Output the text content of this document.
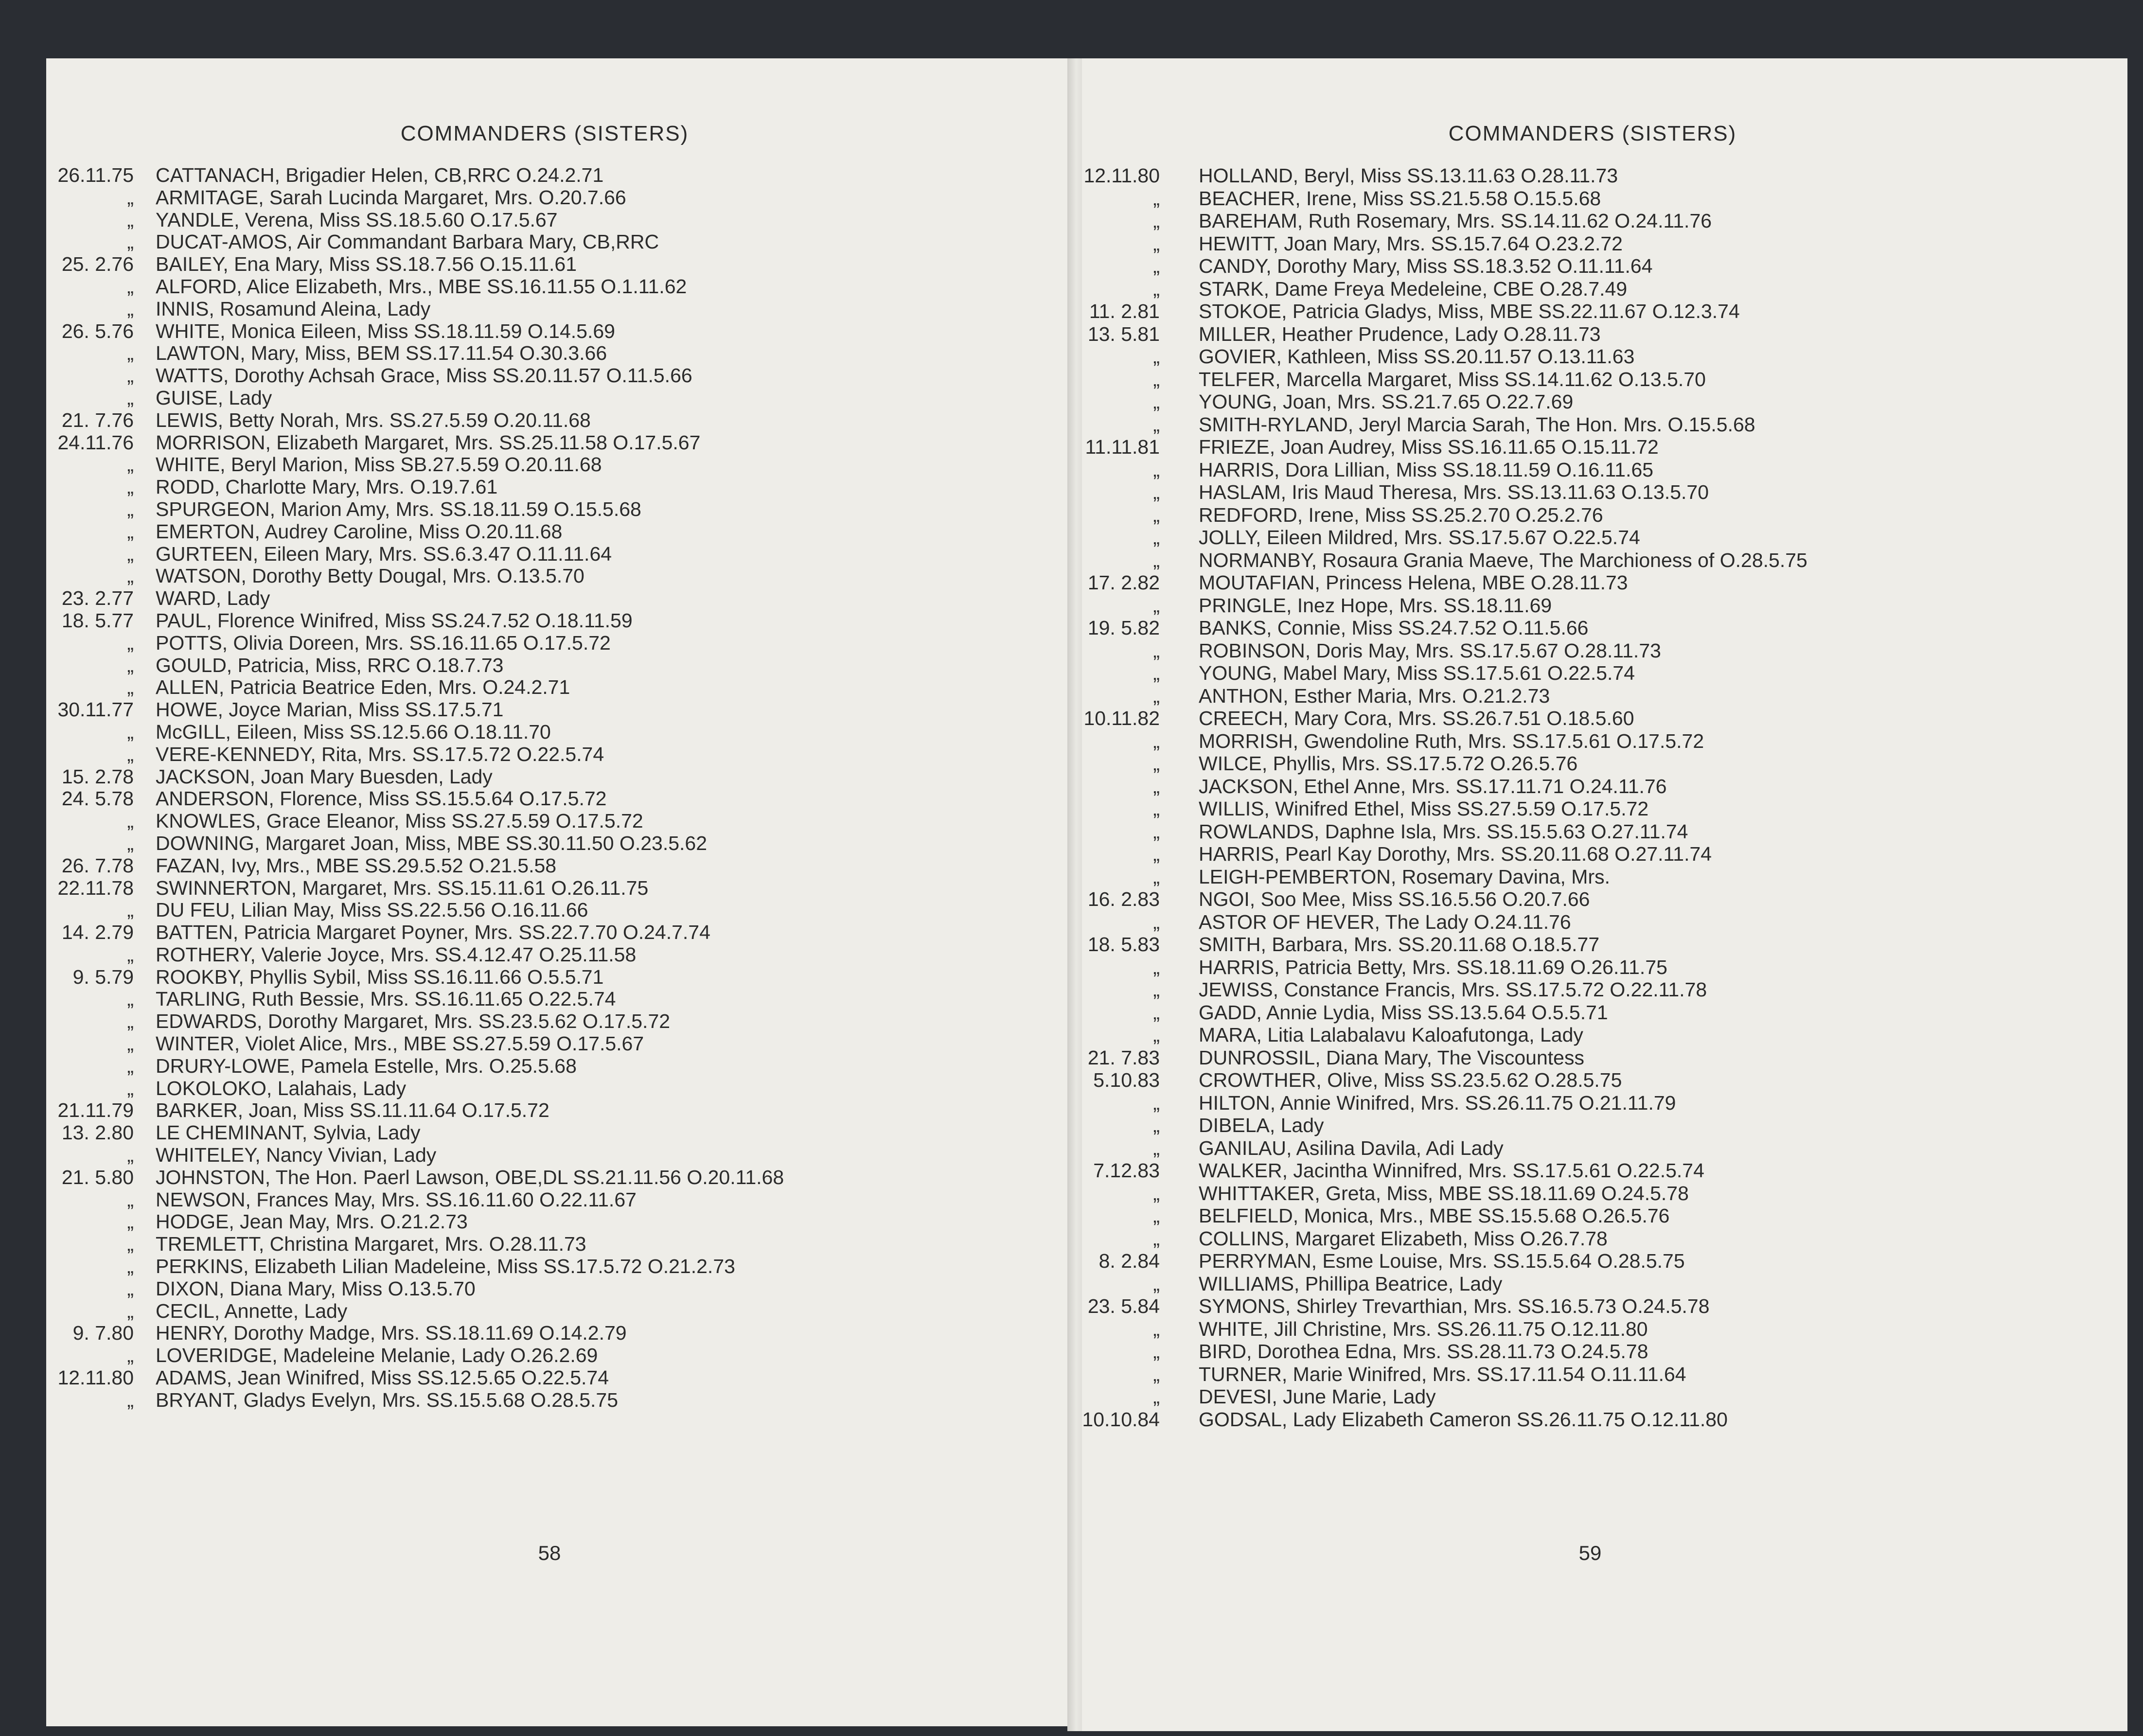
COMMANDERS (SISTERS)
26.11.75 CATTANACH, Brigadier Helen, CB,RRC O.24.2.71
„ ARMITAGE, Sarah Lucinda Margaret, Mrs. O.20.7.66
„ YANDLE, Verena, Miss SS.18.5.60 O.17.5.67
„ DUCAT-AMOS, Air Commandant Barbara Mary, CB,RRC
25. 2.76 BAILEY, Ena Mary, Miss SS.18.7.56 O.15.11.61
„ ALFORD, Alice Elizabeth, Mrs., MBE SS.16.11.55 O.1.11.62
„ INNIS, Rosamund Aleina, Lady
26. 5.76 WHITE, Monica Eileen, Miss SS.18.11.59 O.14.5.69
„ LAWTON, Mary, Miss, BEM SS.17.11.54 O.30.3.66
„ WATTS, Dorothy Achsah Grace, Miss SS.20.11.57 O.11.5.66
„ GUISE, Lady
21. 7.76 LEWIS, Betty Norah, Mrs. SS.27.5.59 O.20.11.68
24.11.76 MORRISON, Elizabeth Margaret, Mrs. SS.25.11.58 O.17.5.67
„ WHITE, Beryl Marion, Miss SB.27.5.59 O.20.11.68
„ RODD, Charlotte Mary, Mrs. O.19.7.61
„ SPURGEON, Marion Amy, Mrs. SS.18.11.59 O.15.5.68
„ EMERTON, Audrey Caroline, Miss O.20.11.68
„ GURTEEN, Eileen Mary, Mrs. SS.6.3.47 O.11.11.64
„ WATSON, Dorothy Betty Dougal, Mrs. O.13.5.70
23. 2.77 WARD, Lady
18. 5.77 PAUL, Florence Winifred, Miss SS.24.7.52 O.18.11.59
„ POTTS, Olivia Doreen, Mrs. SS.16.11.65 O.17.5.72
„ GOULD, Patricia, Miss, RRC O.18.7.73
„ ALLEN, Patricia Beatrice Eden, Mrs. O.24.2.71
30.11.77 HOWE, Joyce Marian, Miss SS.17.5.71
„ McGILL, Eileen, Miss SS.12.5.66 O.18.11.70
„ VERE-KENNEDY, Rita, Mrs. SS.17.5.72 O.22.5.74
15. 2.78 JACKSON, Joan Mary Buesden, Lady
24. 5.78 ANDERSON, Florence, Miss SS.15.5.64 O.17.5.72
„ KNOWLES, Grace Eleanor, Miss SS.27.5.59 O.17.5.72
„ DOWNING, Margaret Joan, Miss, MBE SS.30.11.50 O.23.5.62
26. 7.78 FAZAN, Ivy, Mrs., MBE SS.29.5.52 O.21.5.58
22.11.78 SWINNERTON, Margaret, Mrs. SS.15.11.61 O.26.11.75
„ DU FEU, Lilian May, Miss SS.22.5.56 O.16.11.66
14. 2.79 BATTEN, Patricia Margaret Poyner, Mrs. SS.22.7.70 O.24.7.74
„ ROTHERY, Valerie Joyce, Mrs. SS.4.12.47 O.25.11.58
9. 5.79 ROOKBY, Phyllis Sybil, Miss SS.16.11.66 O.5.5.71
„ TARLING, Ruth Bessie, Mrs. SS.16.11.65 O.22.5.74
„ EDWARDS, Dorothy Margaret, Mrs. SS.23.5.62 O.17.5.72
„ WINTER, Violet Alice, Mrs., MBE SS.27.5.59 O.17.5.67
„ DRURY-LOWE, Pamela Estelle, Mrs. O.25.5.68
„ LOKOLOKO, Lalahais, Lady
21.11.79 BARKER, Joan, Miss SS.11.11.64 O.17.5.72
13. 2.80 LE CHEMINANT, Sylvia, Lady
„ WHITELEY, Nancy Vivian, Lady
21. 5.80 JOHNSTON, The Hon. Paerl Lawson, OBE,DL SS.21.11.56 O.20.11.68
„ NEWSON, Frances May, Mrs. SS.16.11.60 O.22.11.67
„ HODGE, Jean May, Mrs. O.21.2.73
„ TREMLETT, Christina Margaret, Mrs. O.28.11.73
„ PERKINS, Elizabeth Lilian Madeleine, Miss SS.17.5.72 O.21.2.73
„ DIXON, Diana Mary, Miss O.13.5.70
„ CECIL, Annette, Lady
9. 7.80 HENRY, Dorothy Madge, Mrs. SS.18.11.69 O.14.2.79
„ LOVERIDGE, Madeleine Melanie, Lady O.26.2.69
12.11.80 ADAMS, Jean Winifred, Miss SS.12.5.65 O.22.5.74
„ BRYANT, Gladys Evelyn, Mrs. SS.15.5.68 O.28.5.75
58
COMMANDERS (SISTERS)
12.11.80 HOLLAND, Beryl, Miss SS.13.11.63 O.28.11.73
„ BEACHER, Irene, Miss SS.21.5.58 O.15.5.68
„ BAREHAM, Ruth Rosemary, Mrs. SS.14.11.62 O.24.11.76
„ HEWITT, Joan Mary, Mrs. SS.15.7.64 O.23.2.72
„ CANDY, Dorothy Mary, Miss SS.18.3.52 O.11.11.64
„ STARK, Dame Freya Medeleine, CBE O.28.7.49
11. 2.81 STOKOE, Patricia Gladys, Miss, MBE SS.22.11.67 O.12.3.74
13. 5.81 MILLER, Heather Prudence, Lady O.28.11.73
„ GOVIER, Kathleen, Miss SS.20.11.57 O.13.11.63
„ TELFER, Marcella Margaret, Miss SS.14.11.62 O.13.5.70
„ YOUNG, Joan, Mrs. SS.21.7.65 O.22.7.69
„ SMITH-RYLAND, Jeryl Marcia Sarah, The Hon. Mrs. O.15.5.68
11.11.81 FRIEZE, Joan Audrey, Miss SS.16.11.65 O.15.11.72
„ HARRIS, Dora Lillian, Miss SS.18.11.59 O.16.11.65
„ HASLAM, Iris Maud Theresa, Mrs. SS.13.11.63 O.13.5.70
„ REDFORD, Irene, Miss SS.25.2.70 O.25.2.76
„ JOLLY, Eileen Mildred, Mrs. SS.17.5.67 O.22.5.74
„ NORMANBY, Rosaura Grania Maeve, The Marchioness of O.28.5.75
17. 2.82 MOUTAFIAN, Princess Helena, MBE O.28.11.73
„ PRINGLE, Inez Hope, Mrs. SS.18.11.69
19. 5.82 BANKS, Connie, Miss SS.24.7.52 O.11.5.66
„ ROBINSON, Doris May, Mrs. SS.17.5.67 O.28.11.73
„ YOUNG, Mabel Mary, Miss SS.17.5.61 O.22.5.74
„ ANTHON, Esther Maria, Mrs. O.21.2.73
10.11.82 CREECH, Mary Cora, Mrs. SS.26.7.51 O.18.5.60
„ MORRISH, Gwendoline Ruth, Mrs. SS.17.5.61 O.17.5.72
„ WILCE, Phyllis, Mrs. SS.17.5.72 O.26.5.76
„ JACKSON, Ethel Anne, Mrs. SS.17.11.71 O.24.11.76
„ WILLIS, Winifred Ethel, Miss SS.27.5.59 O.17.5.72
„ ROWLANDS, Daphne Isla, Mrs. SS.15.5.63 O.27.11.74
„ HARRIS, Pearl Kay Dorothy, Mrs. SS.20.11.68 O.27.11.74
„ LEIGH-PEMBERTON, Rosemary Davina, Mrs.
16. 2.83 NGOI, Soo Mee, Miss SS.16.5.56 O.20.7.66
„ ASTOR OF HEVER, The Lady O.24.11.76
18. 5.83 SMITH, Barbara, Mrs. SS.20.11.68 O.18.5.77
„ HARRIS, Patricia Betty, Mrs. SS.18.11.69 O.26.11.75
„ JEWISS, Constance Francis, Mrs. SS.17.5.72 O.22.11.78
„ GADD, Annie Lydia, Miss SS.13.5.64 O.5.5.71
„ MARA, Litia Lalabalavu Kaloafutonga, Lady
21. 7.83 DUNROSSIL, Diana Mary, The Viscountess
5.10.83 CROWTHER, Olive, Miss SS.23.5.62 O.28.5.75
„ HILTON, Annie Winifred, Mrs. SS.26.11.75 O.21.11.79
„ DIBELA, Lady
„ GANILAU, Asilina Davila, Adi Lady
7.12.83 WALKER, Jacintha Winnifred, Mrs. SS.17.5.61 O.22.5.74
„ WHITTAKER, Greta, Miss, MBE SS.18.11.69 O.24.5.78
„ BELFIELD, Monica, Mrs., MBE SS.15.5.68 O.26.5.76
„ COLLINS, Margaret Elizabeth, Miss O.26.7.78
8. 2.84 PERRYMAN, Esme Louise, Mrs. SS.15.5.64 O.28.5.75
„ WILLIAMS, Phillipa Beatrice, Lady
23. 5.84 SYMONS, Shirley Trevarthian, Mrs. SS.16.5.73 O.24.5.78
„ WHITE, Jill Christine, Mrs. SS.26.11.75 O.12.11.80
„ BIRD, Dorothea Edna, Mrs. SS.28.11.73 O.24.5.78
„ TURNER, Marie Winifred, Mrs. SS.17.11.54 O.11.11.64
„ DEVESI, June Marie, Lady
10.10.84 GODSAL, Lady Elizabeth Cameron SS.26.11.75 O.12.11.80
59
